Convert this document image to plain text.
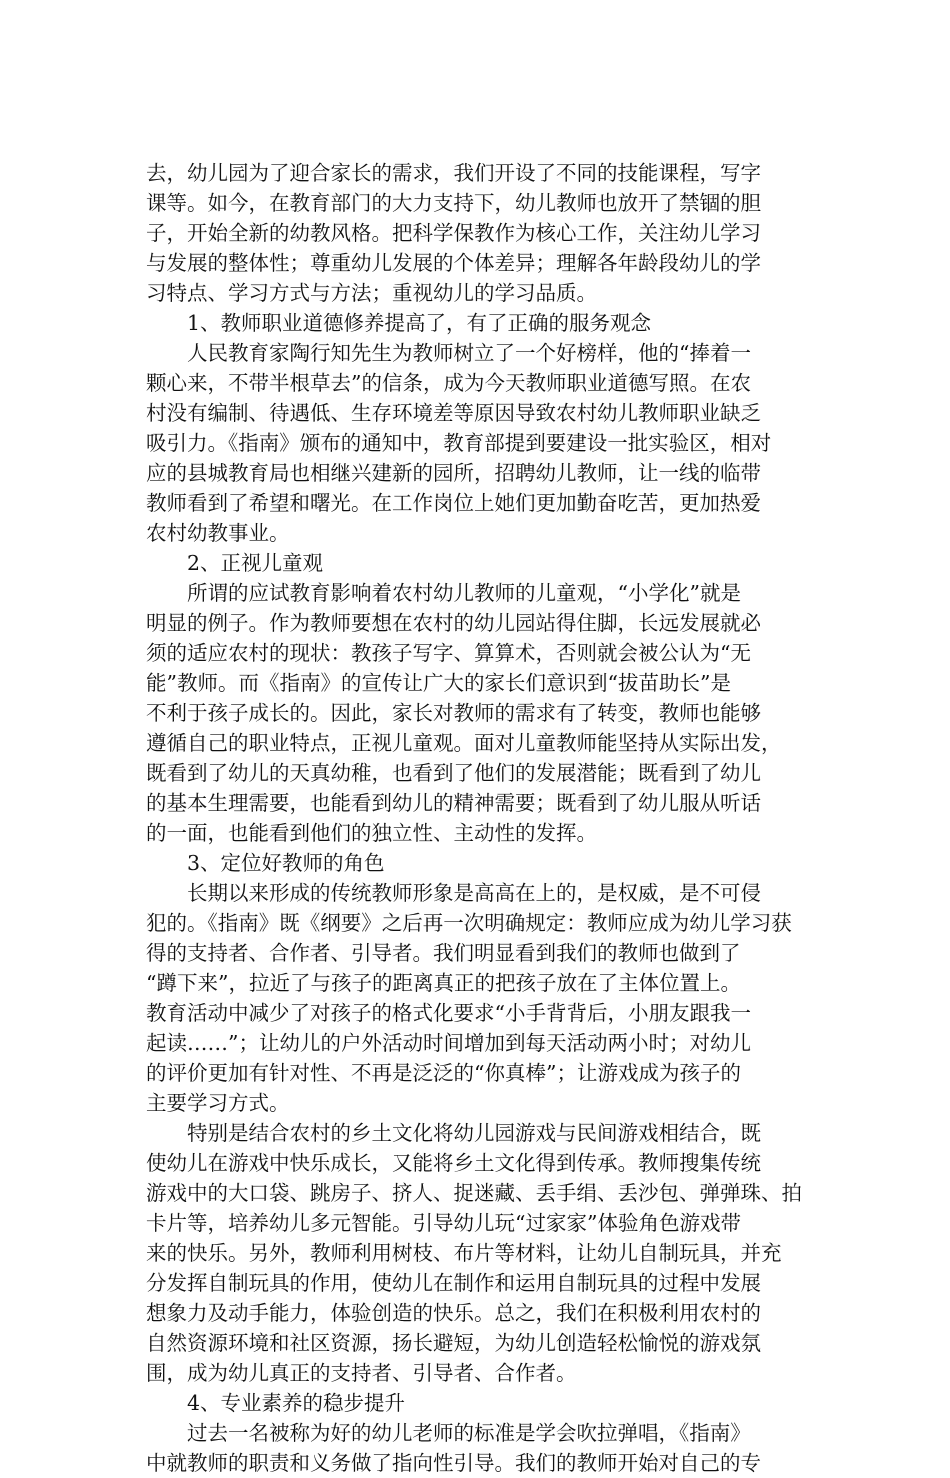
去，幼儿园为了迎合家长的需求，我们开设了不同的技能课程，写字
课等。如今，在教育部门的大力支持下，幼儿教师也放开了禁锢的胆
子，开始全新的幼教风格。把科学保教作为核心工作，关注幼儿学习
与发展的整体性；尊重幼儿发展的个体差异；理解各年龄段幼儿的学
习特点、学习方式与方法；重视幼儿的学习品质。
1、教师职业道德修养提高了，有了正确的服务观念
人民教育家陶行知先生为教师树立了一个好榜样，他的“捧着一
颗心来，不带半根草去”的信条，成为今天教师职业道德写照。在农
村没有编制、待遇低、生存环境差等原因导致农村幼儿教师职业缺乏
吸引力。《指南》颁布的通知中，教育部提到要建设一批实验区，相对
应的县城教育局也相继兴建新的园所，招聘幼儿教师，让一线的临带
教师看到了希望和曙光。在工作岗位上她们更加勤奋吃苦，更加热爱
农村幼教事业。
2、正视儿童观
所谓的应试教育影响着农村幼儿教师的儿童观，“小学化”就是
明显的例子。作为教师要想在农村的幼儿园站得住脚，长远发展就必
须的适应农村的现状：教孩子写字、算算术，否则就会被公认为“无
能”教师。而《指南》的宣传让广大的家长们意识到“拔苗助长”是
不利于孩子成长的。因此，家长对教师的需求有了转变，教师也能够
遵循自己的职业特点，正视儿童观。面对儿童教师能坚持从实际出发，
既看到了幼儿的天真幼稚，也看到了他们的发展潜能；既看到了幼儿
的基本生理需要，也能看到幼儿的精神需要；既看到了幼儿服从听话
的一面，也能看到他们的独立性、主动性的发挥。
3、定位好教师的角色
长期以来形成的传统教师形象是高高在上的，是权威，是不可侵
犯的。《指南》既《纲要》之后再一次明确规定：教师应成为幼儿学习获
得的支持者、合作者、引导者。我们明显看到我们的教师也做到了
“蹲下来”，拉近了与孩子的距离真正的把孩子放在了主体位置上。
教育活动中减少了对孩子的格式化要求“小手背背后，小朋友跟我一
起读……”；让幼儿的户外活动时间增加到每天活动两小时；对幼儿
的评价更加有针对性、不再是泛泛的“你真棒”；让游戏成为孩子的
主要学习方式。
特别是结合农村的乡土文化将幼儿园游戏与民间游戏相结合，既
使幼儿在游戏中快乐成长，又能将乡土文化得到传承。教师搜集传统
游戏中的大口袋、跳房子、挤人、捉迷藏、丢手绢、丢沙包、弹弹珠、拍
卡片等，培养幼儿多元智能。引导幼儿玩“过家家”体验角色游戏带
来的快乐。另外，教师利用树枝、布片等材料，让幼儿自制玩具，并充
分发挥自制玩具的作用，使幼儿在制作和运用自制玩具的过程中发展
想象力及动手能力，体验创造的快乐。总之，我们在积极利用农村的
自然资源环境和社区资源，扬长避短，为幼儿创造轻松愉悦的游戏氛
围，成为幼儿真正的支持者、引导者、合作者。
4、专业素养的稳步提升
过去一名被称为好的幼儿老师的标准是学会吹拉弹唱，《指南》
中就教师的职责和义务做了指向性引导。我们的教师开始对自己的专
